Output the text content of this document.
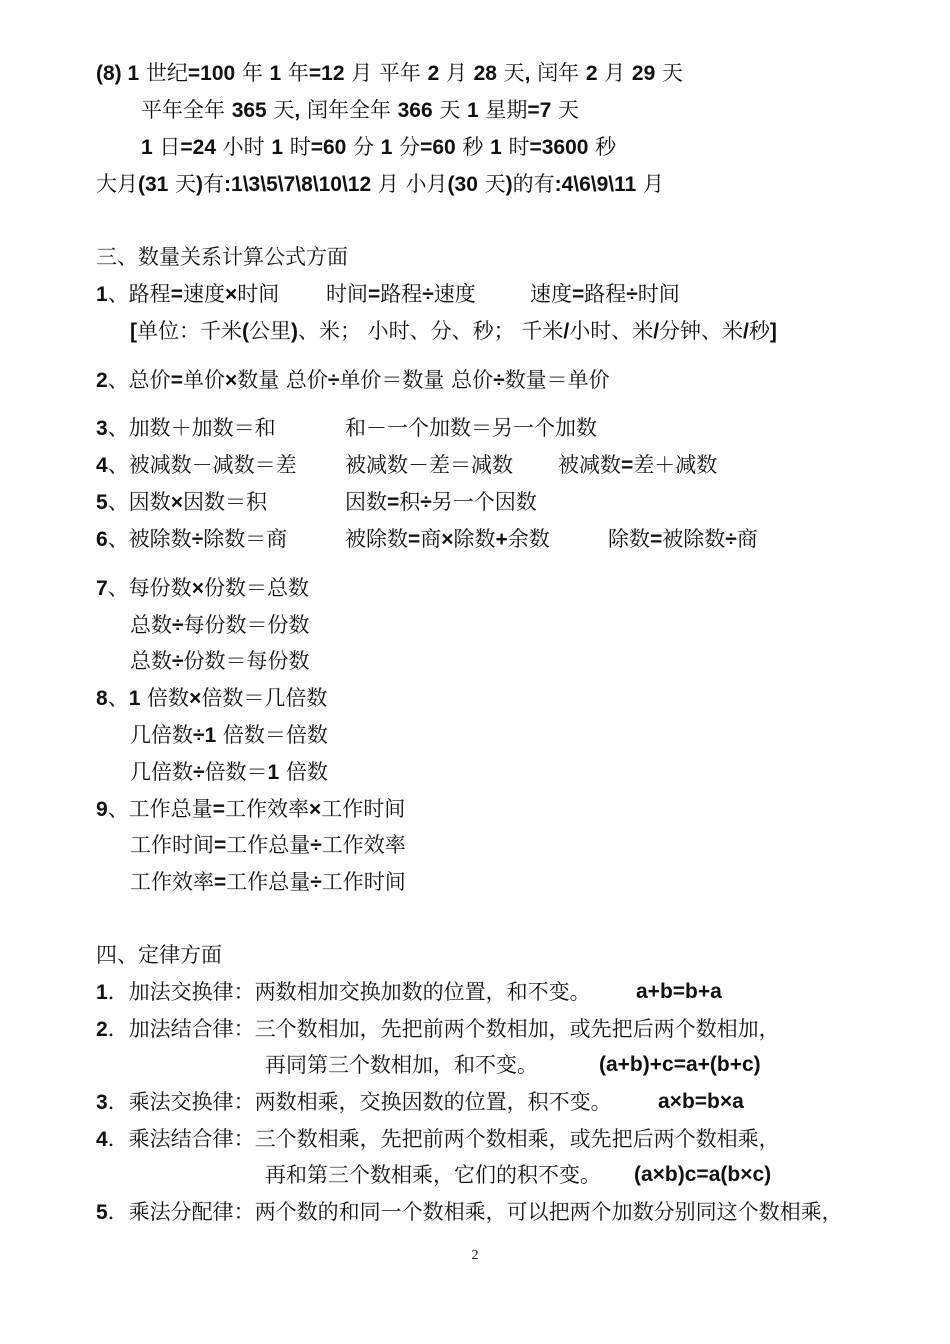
(8) 1 世纪=100 年 1 年=12 月 平年 2 月 28 天, 闰年 2 月 29 天
平年全年 365 天, 闰年全年 366 天 1 星期=7 天
1 日=24 小时 1 时=60 分 1 分=60 秒 1 时=3600 秒
大月(31 天)有:1\3\5\7\8\10\12 月 小月(30 天)的有:4\6\9\11 月
三、数量关系计算公式方面
1、路程=速度×时间 时间=路程÷速度	速度=路程÷时间
[单位：千米(公里)、米； 小时、分、秒； 千米/小时、米/分钟、米/秒]
2、总价=单价×数量 总价÷单价＝数量 总价÷数量＝单价
3、加数＋加数＝和	和－一个加数＝另一个加数
4、被减数－减数＝差 被减数－差＝减数 被减数=差＋减数
5、因数×因数＝积	因数=积÷另一个因数
6、被除数÷除数＝商	被除数=商×除数+余数	除数=被除数÷商
7、每份数×份数＝总数
总数÷每份数＝份数
总数÷份数＝每份数
8、1 倍数×倍数＝几倍数
几倍数÷1 倍数＝倍数
几倍数÷倍数＝1 倍数
9、工作总量=工作效率×工作时间
工作时间=工作总量÷工作效率
工作效率=工作总量÷工作时间
四、定律方面
1．加法交换律：两数相加交换加数的位置，和不变。 a+b=b+a
2．加法结合律：三个数相加，先把前两个数相加，或先把后两个数相加，
再同第三个数相加，和不变。	(a+b)+c=a+(b+c)
3．乘法交换律：两数相乘，交换因数的位置，积不变。 a×b=b×a
4．乘法结合律：三个数相乘，先把前两个数相乘，或先把后两个数相乘，
再和第三个数相乘，它们的积不变。 (a×b)c=a(b×c)
5．乘法分配律：两个数的和同一个数相乘，可以把两个加数分别同这个数相乘，
2
